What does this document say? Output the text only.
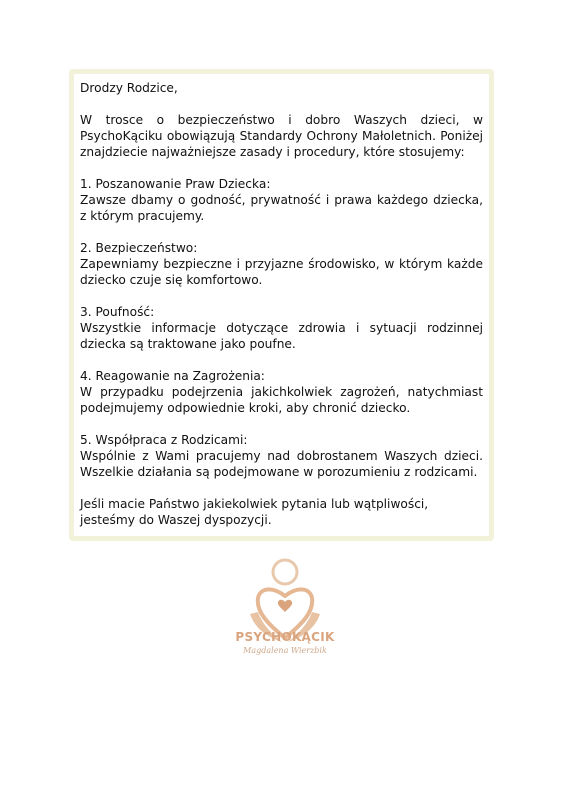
Drodzy Rodzice,

W trosce o bezpieczeństwo i dobro Waszych dzieci, w PsychoKąciku obowiązują Standardy Ochrony Małoletnich. Poniżej znajdziecie najważniejsze zasady i procedury, które stosujemy:

1. Poszanowanie Praw Dziecka:

Zawsze dbamy o godność, prywatność i prawa każdego dziecka, z którym pracujemy.

2. Bezpieczeństwo:

Zapewniamy bezpieczne i przyjazne środowisko, w którym każde dziecko czuje się komfortowo.

3. Poufność:

Wszystkie informacje dotyczące zdrowia i sytuacji rodzinnej dziecka są traktowane jako poufne.

4. Reagowanie na Zagrożenia:

W przypadku podejrzenia jakichkolwiek zagrożeń, natychmiast podejmujemy odpowiednie kroki, aby chronić dziecko.

5. Współpraca z Rodzicami:

Wspólnie z Wami pracujemy nad dobrostanem Waszych dzieci. Wszelkie działania są podejmowane w porozumieniu z rodzicami.

Jeśli macie Państwo jakiekolwiek pytania lub wątpliwości, jesteśmy do Waszej dyspozycji.

PSYCHOKĄCIK
Magdalena Wierzbik
